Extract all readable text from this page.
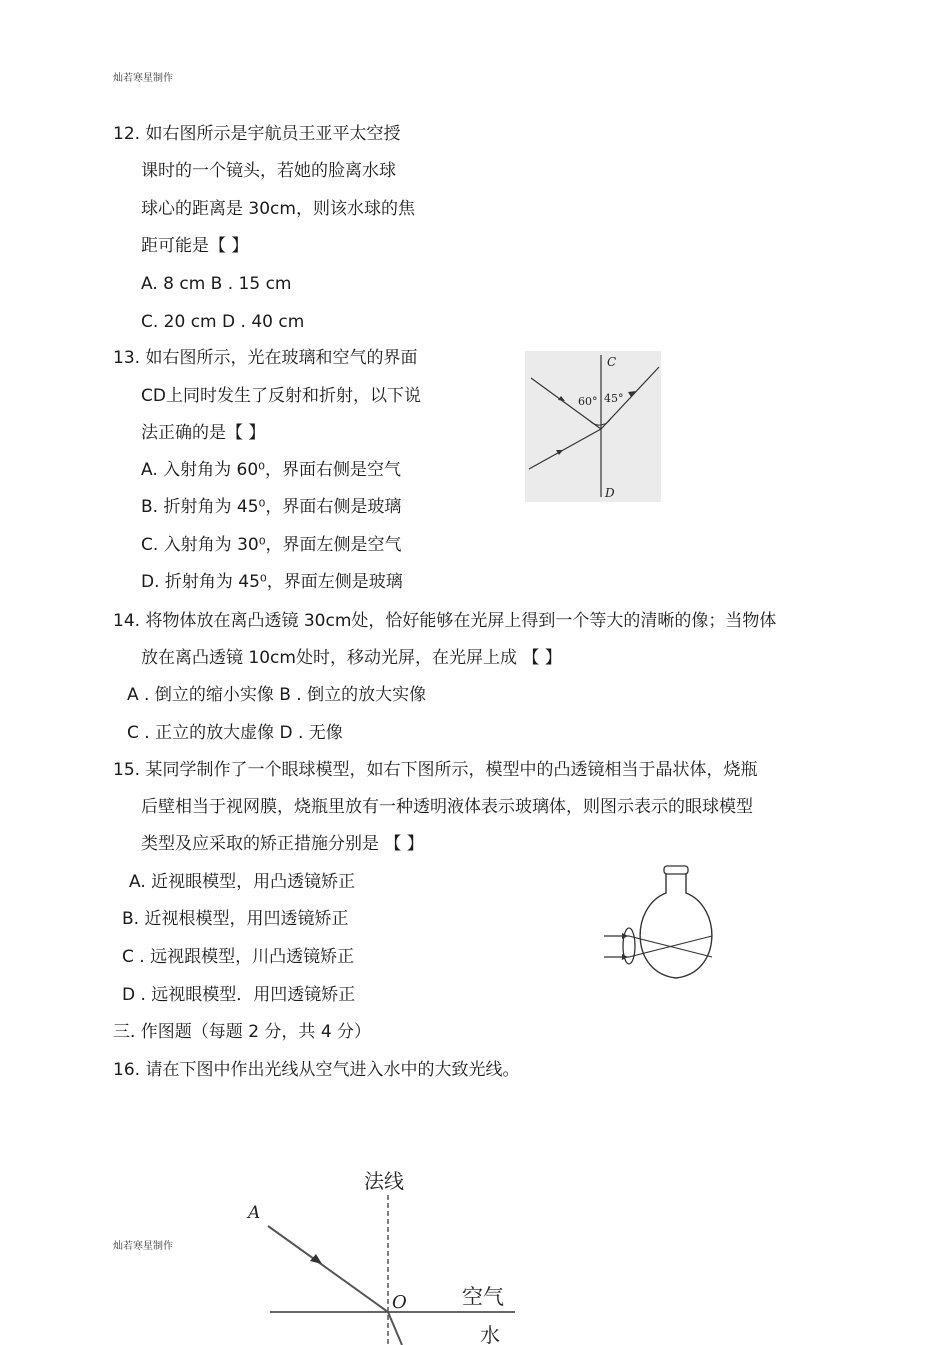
灿若寒星制作
12. 如右图所示是宇航员王亚平太空授
课时的一个镜头，若她的脸离水球
球心的距离是 30cm，则该水球的焦
距可能是【 】
A. 8 cm B . 15 cm
C. 20 cm D . 40 cm
13. 如右图所示，光在玻璃和空气的界面
CD上同时发生了反射和折射，以下说
法正确的是【 】
A. 入射角为 60⁰，界面右侧是空气
B. 折射角为 45⁰，界面右侧是玻璃
C. 入射角为 30⁰，界面左侧是空气
D. 折射角为 45⁰，界面左侧是玻璃
C
D
60° 45°
14. 将物体放在离凸透镜 30cm处，恰好能够在光屏上得到一个等大的清晰的像；当物体
放在离凸透镜 10cm处时，移动光屏，在光屏上成 【 】
A . 倒立的缩小实像 B . 倒立的放大实像
C . 正立的放大虚像 D . 无像
15. 某同学制作了一个眼球模型，如右下图所示，模型中的凸透镜相当于晶状体，烧瓶
后壁相当于视网膜，烧瓶里放有一种透明液体表示玻璃体，则图示表示的眼球模型
类型及应采取的矫正措施分别是 【 】
A. 近视眼模型，用凸透镜矫正
B. 近视根模型，用凹透镜矫正
C . 远视跟模型，川凸透镜矫正
D . 远视眼模型．用凹透镜矫正
三. 作图题（每题 2 分，共 4 分）
16. 请在下图中作出光线从空气进入水中的大致光线。
法线
A
O	空气
水
灿若寒星制作
